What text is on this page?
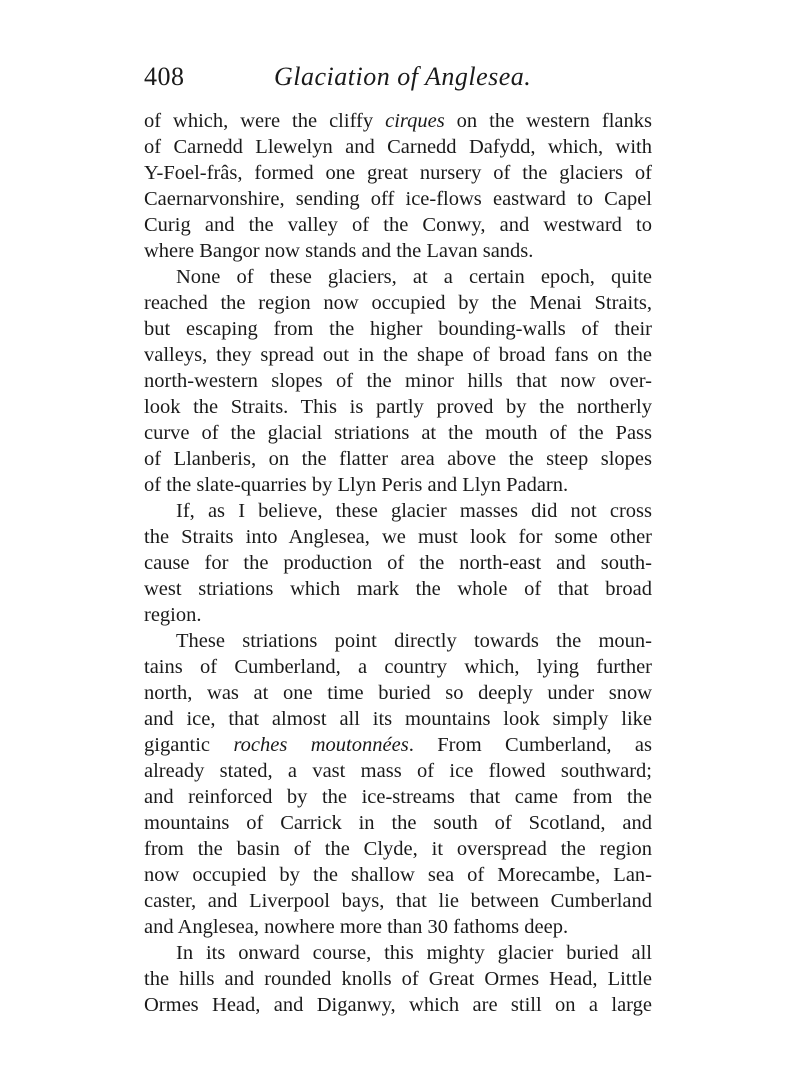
408	Glaciation of Anglesea.
of which, were the cliffy cirques on the western flanks
of Carnedd Llewelyn and Carnedd Dafydd, which, with
Y-Foel-frâs, formed one great nursery of the glaciers of
Caernarvonshire, sending off ice-flows eastward to Capel
Curig and the valley of the Conwy, and westward to
where Bangor now stands and the Lavan sands.
None of these glaciers, at a certain epoch, quite
reached the region now occupied by the Menai Straits,
but escaping from the higher bounding-walls of their
valleys, they spread out in the shape of broad fans on the
north-western slopes of the minor hills that now over-
look the Straits. This is partly proved by the northerly
curve of the glacial striations at the mouth of the Pass
of Llanberis, on the flatter area above the steep slopes
of the slate-quarries by Llyn Peris and Llyn Padarn.
If, as I believe, these glacier masses did not cross
the Straits into Anglesea, we must look for some other
cause for the production of the north-east and south-
west striations which mark the whole of that broad
region.
These striations point directly towards the moun-
tains of Cumberland, a country which, lying further
north, was at one time buried so deeply under snow
and ice, that almost all its mountains look simply like
gigantic roches moutonnées. From Cumberland, as
already stated, a vast mass of ice flowed southward;
and reinforced by the ice-streams that came from the
mountains of Carrick in the south of Scotland, and
from the basin of the Clyde, it overspread the region
now occupied by the shallow sea of Morecambe, Lan-
caster, and Liverpool bays, that lie between Cumberland
and Anglesea, nowhere more than 30 fathoms deep.
In its onward course, this mighty glacier buried all
the hills and rounded knolls of Great Ormes Head, Little
Ormes Head, and Diganwy, which are still on a large
